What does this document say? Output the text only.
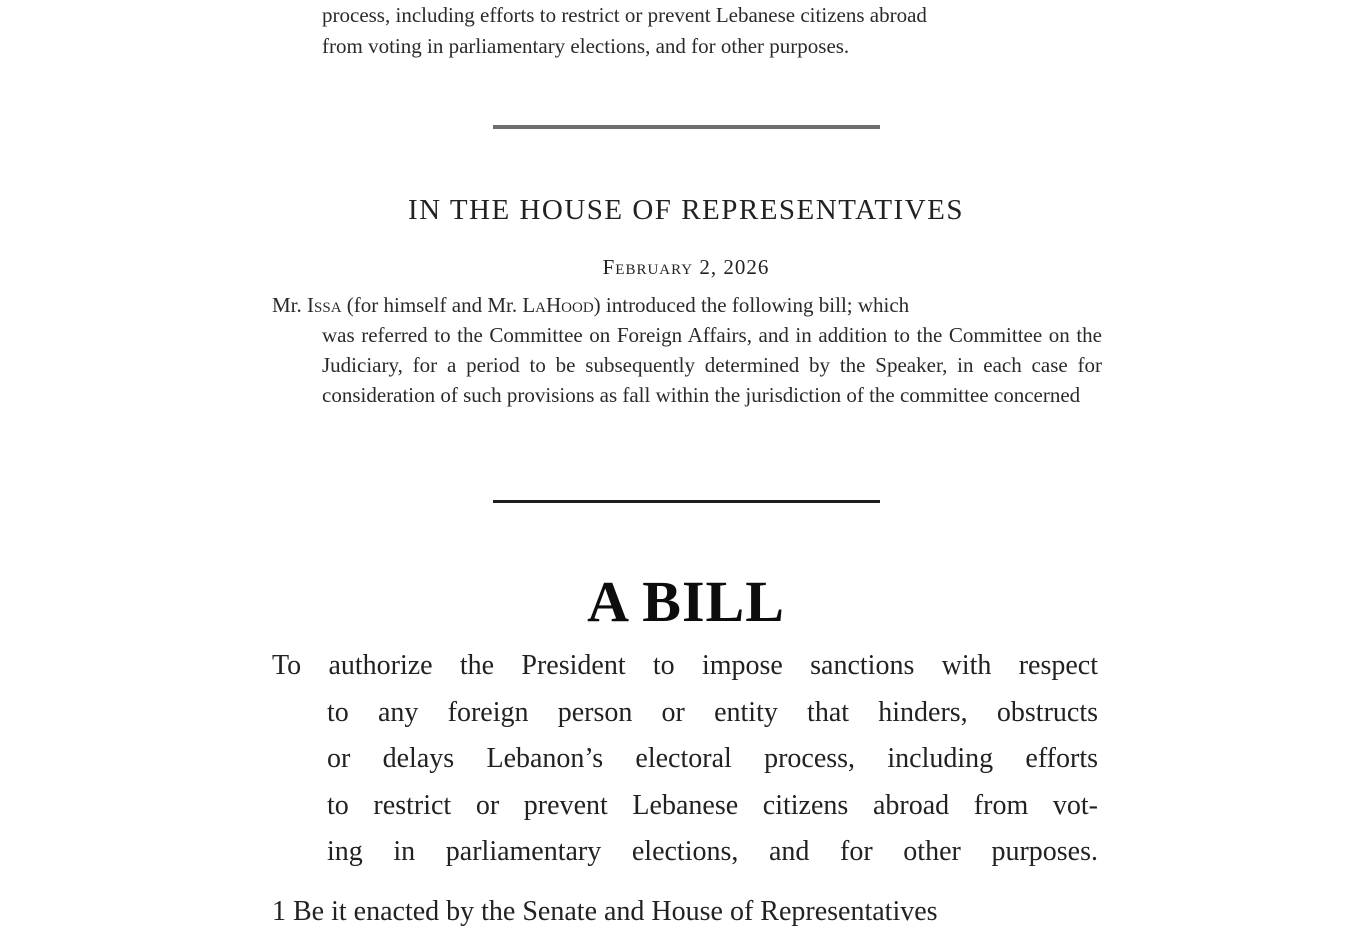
process, including efforts to restrict or prevent Lebanese citizens abroad
from voting in parliamentary elections, and for other purposes.
IN THE HOUSE OF REPRESENTATIVES
February 2, 2026
Mr. Issa (for himself and Mr. LaHood) introduced the following bill; which
was referred to the Committee on Foreign Affairs, and in addition to the Committee on the Judiciary, for a period to be subsequently determined by the Speaker, in each case for consideration of such provisions as fall within the jurisdiction of the committee concerned
A BILL
To authorize the President to impose sanctions with respect
to any foreign person or entity that hinders, obstructs
or delays Lebanon’s electoral process, including efforts
to restrict or prevent Lebanese citizens abroad from vot-
ing in parliamentary elections, and for other purposes.
1 Be it enacted by the Senate and House of Representatives
